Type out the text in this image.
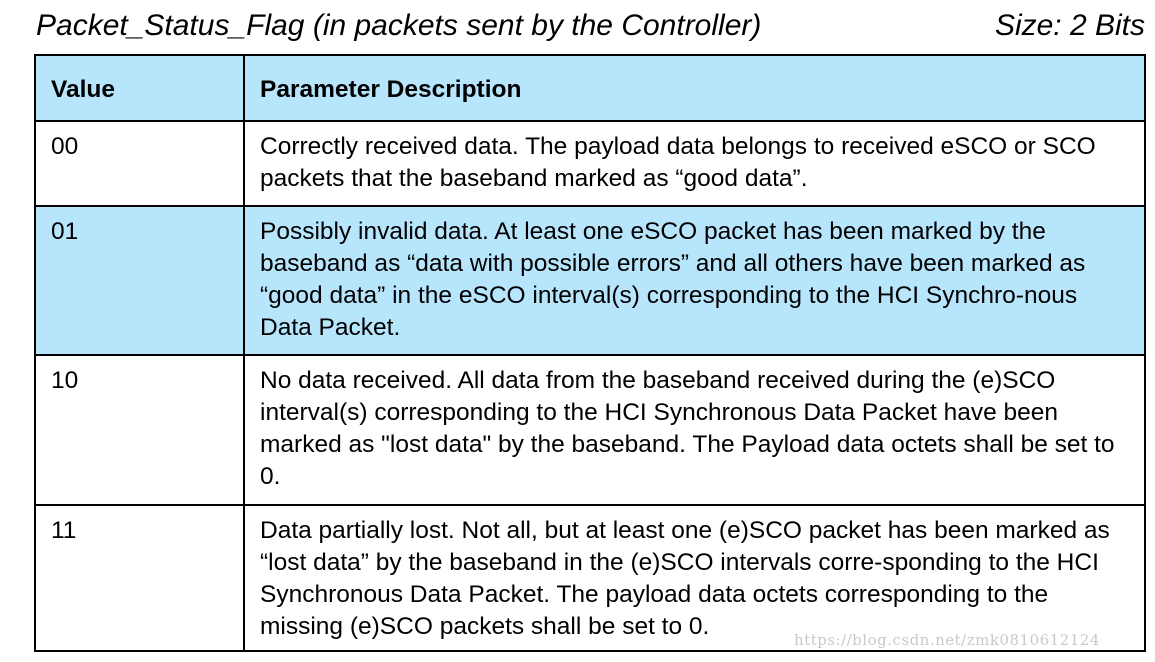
Packet_Status_Flag (in packets sent by the Controller)	Size: 2 Bits
Value	Parameter Description
00	Correctly received data. The payload data belongs to received eSCO or SCO packets that the baseband marked as “good data”.
01	Possibly invalid data. At least one eSCO packet has been marked by the baseband as “data with possible errors” and all others have been marked as “good data” in the eSCO interval(s) corresponding to the HCI Synchro-nous Data Packet.
10	No data received. All data from the baseband received during the (e)SCO interval(s) corresponding to the HCI Synchronous Data Packet have been marked as "lost data" by the baseband. The Payload data octets shall be set to 0.
11	Data partially lost. Not all, but at least one (e)SCO packet has been marked as “lost data” by the baseband in the (e)SCO intervals corre-sponding to the HCI Synchronous Data Packet. The payload data octets corresponding to the missing (e)SCO packets shall be set to 0.	https://blog.csdn.net/zmk0810612124
